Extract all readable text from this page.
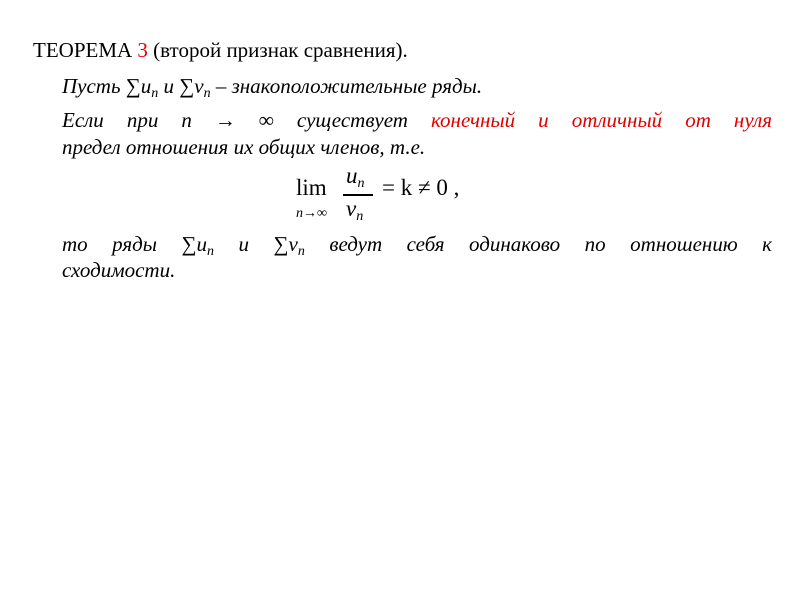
ТЕОРЕМА 3 (второй признак сравнения).
Пусть $\sum u_n$ и $\sum v_n$ – знакоположительные ряды.
Если при n → ∞ существует конечный и отличный от нуля
предел отношения их общих членов, т.е.
lim
n→∞
$u_n$
$v_n$
= k ≠ 0 ,
то ряды $\sum u_n$ и $\sum v_n$ ведут себя одинаково по отношению к
сходимости.
